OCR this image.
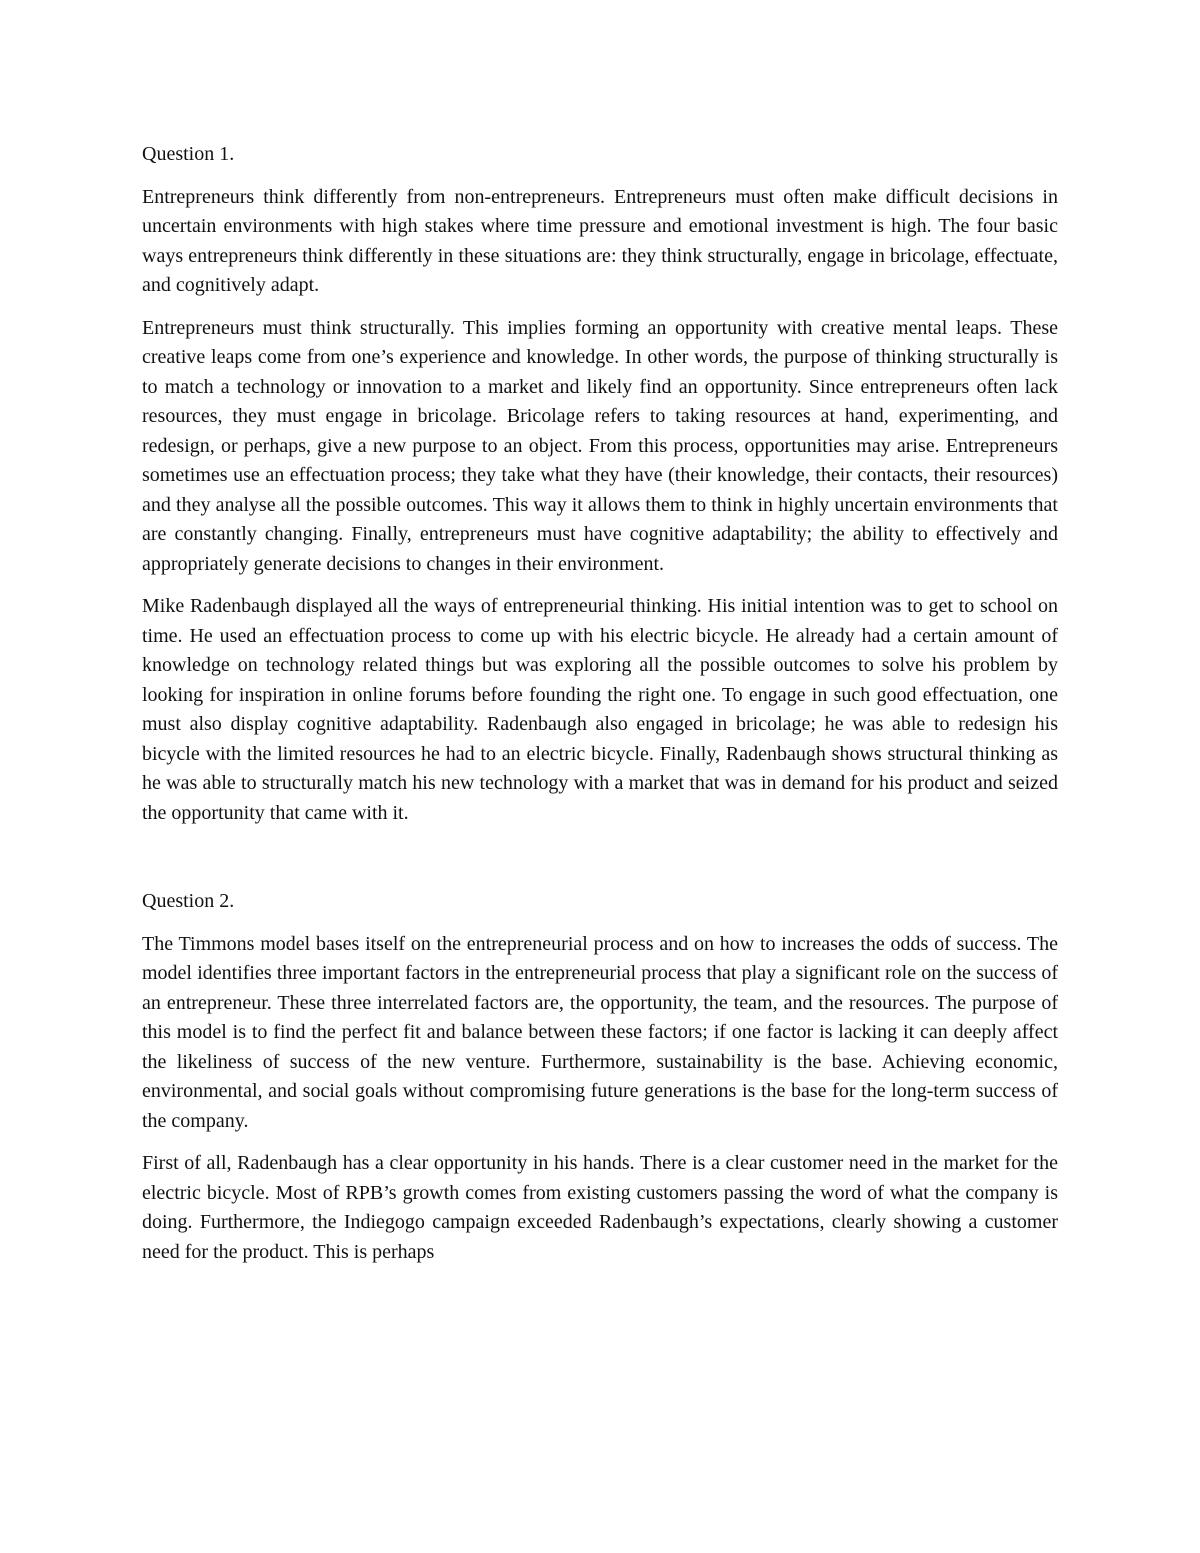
Question 1.

Entrepreneurs think differently from non-entrepreneurs. Entrepreneurs must often make difficult decisions in uncertain environments with high stakes where time pressure and emotional investment is high. The four basic ways entrepreneurs think differently in these situations are: they think structurally, engage in bricolage, effectuate, and cognitively adapt.

Entrepreneurs must think structurally. This implies forming an opportunity with creative mental leaps. These creative leaps come from one’s experience and knowledge. In other words, the purpose of thinking structurally is to match a technology or innovation to a market and likely find an opportunity. Since entrepreneurs often lack resources, they must engage in bricolage. Bricolage refers to taking resources at hand, experimenting, and redesign, or perhaps, give a new purpose to an object. From this process, opportunities may arise. Entrepreneurs sometimes use an effectuation process; they take what they have (their knowledge, their contacts, their resources) and they analyse all the possible outcomes. This way it allows them to think in highly uncertain environments that are constantly changing. Finally, entrepreneurs must have cognitive adaptability; the ability to effectively and appropriately generate decisions to changes in their environment.

Mike Radenbaugh displayed all the ways of entrepreneurial thinking. His initial intention was to get to school on time. He used an effectuation process to come up with his electric bicycle. He already had a certain amount of knowledge on technology related things but was exploring all the possible outcomes to solve his problem by looking for inspiration in online forums before founding the right one. To engage in such good effectuation, one must also display cognitive adaptability. Radenbaugh also engaged in bricolage; he was able to redesign his bicycle with the limited resources he had to an electric bicycle. Finally, Radenbaugh shows structural thinking as he was able to structurally match his new technology with a market that was in demand for his product and seized the opportunity that came with it.

Question 2.

The Timmons model bases itself on the entrepreneurial process and on how to increases the odds of success. The model identifies three important factors in the entrepreneurial process that play a significant role on the success of an entrepreneur. These three interrelated factors are, the opportunity, the team, and the resources. The purpose of this model is to find the perfect fit and balance between these factors; if one factor is lacking it can deeply affect the likeliness of success of the new venture. Furthermore, sustainability is the base. Achieving economic, environmental, and social goals without compromising future generations is the base for the long-term success of the company.

First of all, Radenbaugh has a clear opportunity in his hands. There is a clear customer need in the market for the electric bicycle. Most of RPB’s growth comes from existing customers passing the word of what the company is doing. Furthermore, the Indiegogo campaign exceeded Radenbaugh’s expectations, clearly showing a customer need for the product. This is perhaps
